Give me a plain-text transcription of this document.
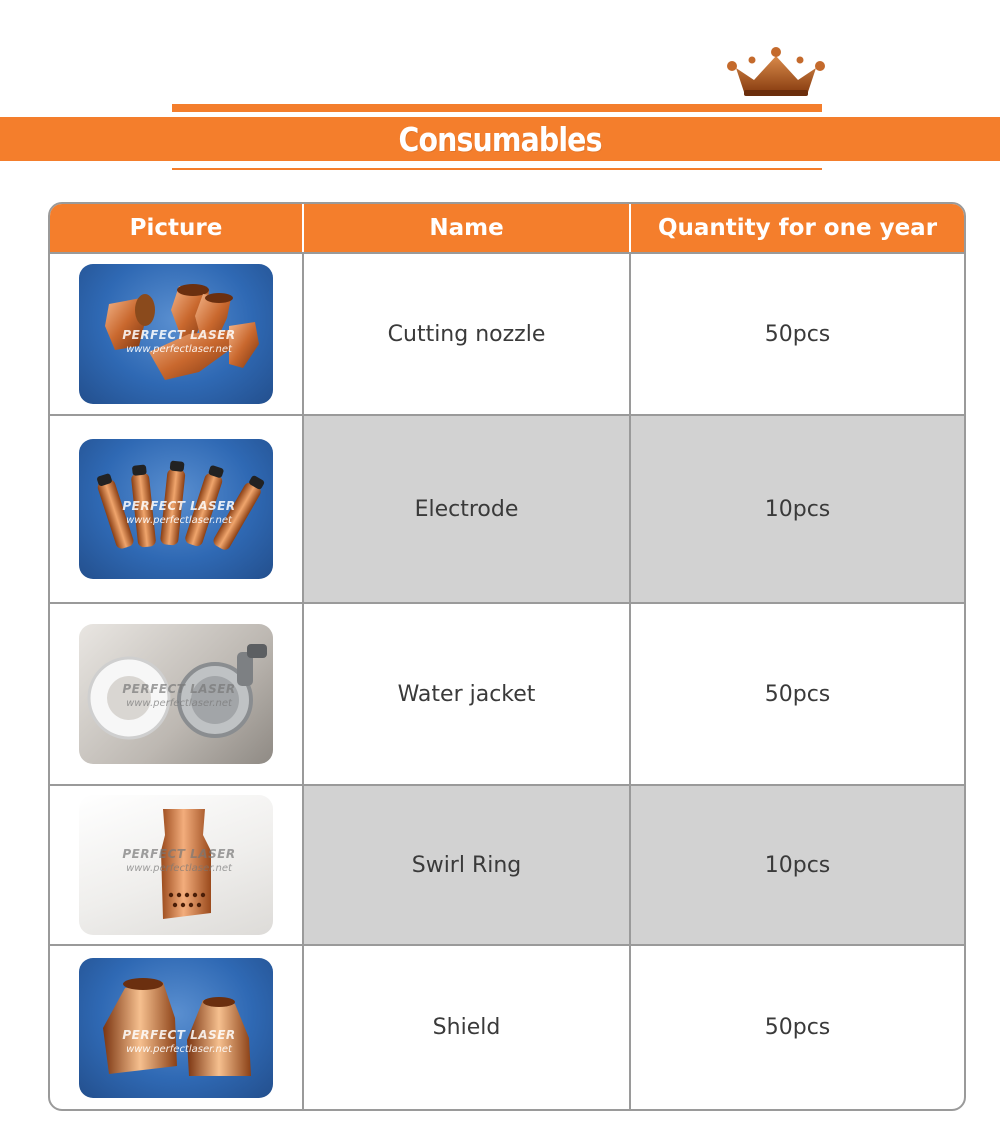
Consumables
Picture	Name	Quantity for one year
PERFECT LASER
www.perfectlaser.net
Cutting nozzle	50pcs
PERFECT LASER
www.perfectlaser.net	Electrode	10pcs
PERFECT LASER
www.perfectlaser.net	Water jacket	50pcs
PERFECT LASER
www.perfectlaser.net	Swirl Ring	10pcs
PERFECT LASER
www.perfectlaser.net
Shield	50pcs
